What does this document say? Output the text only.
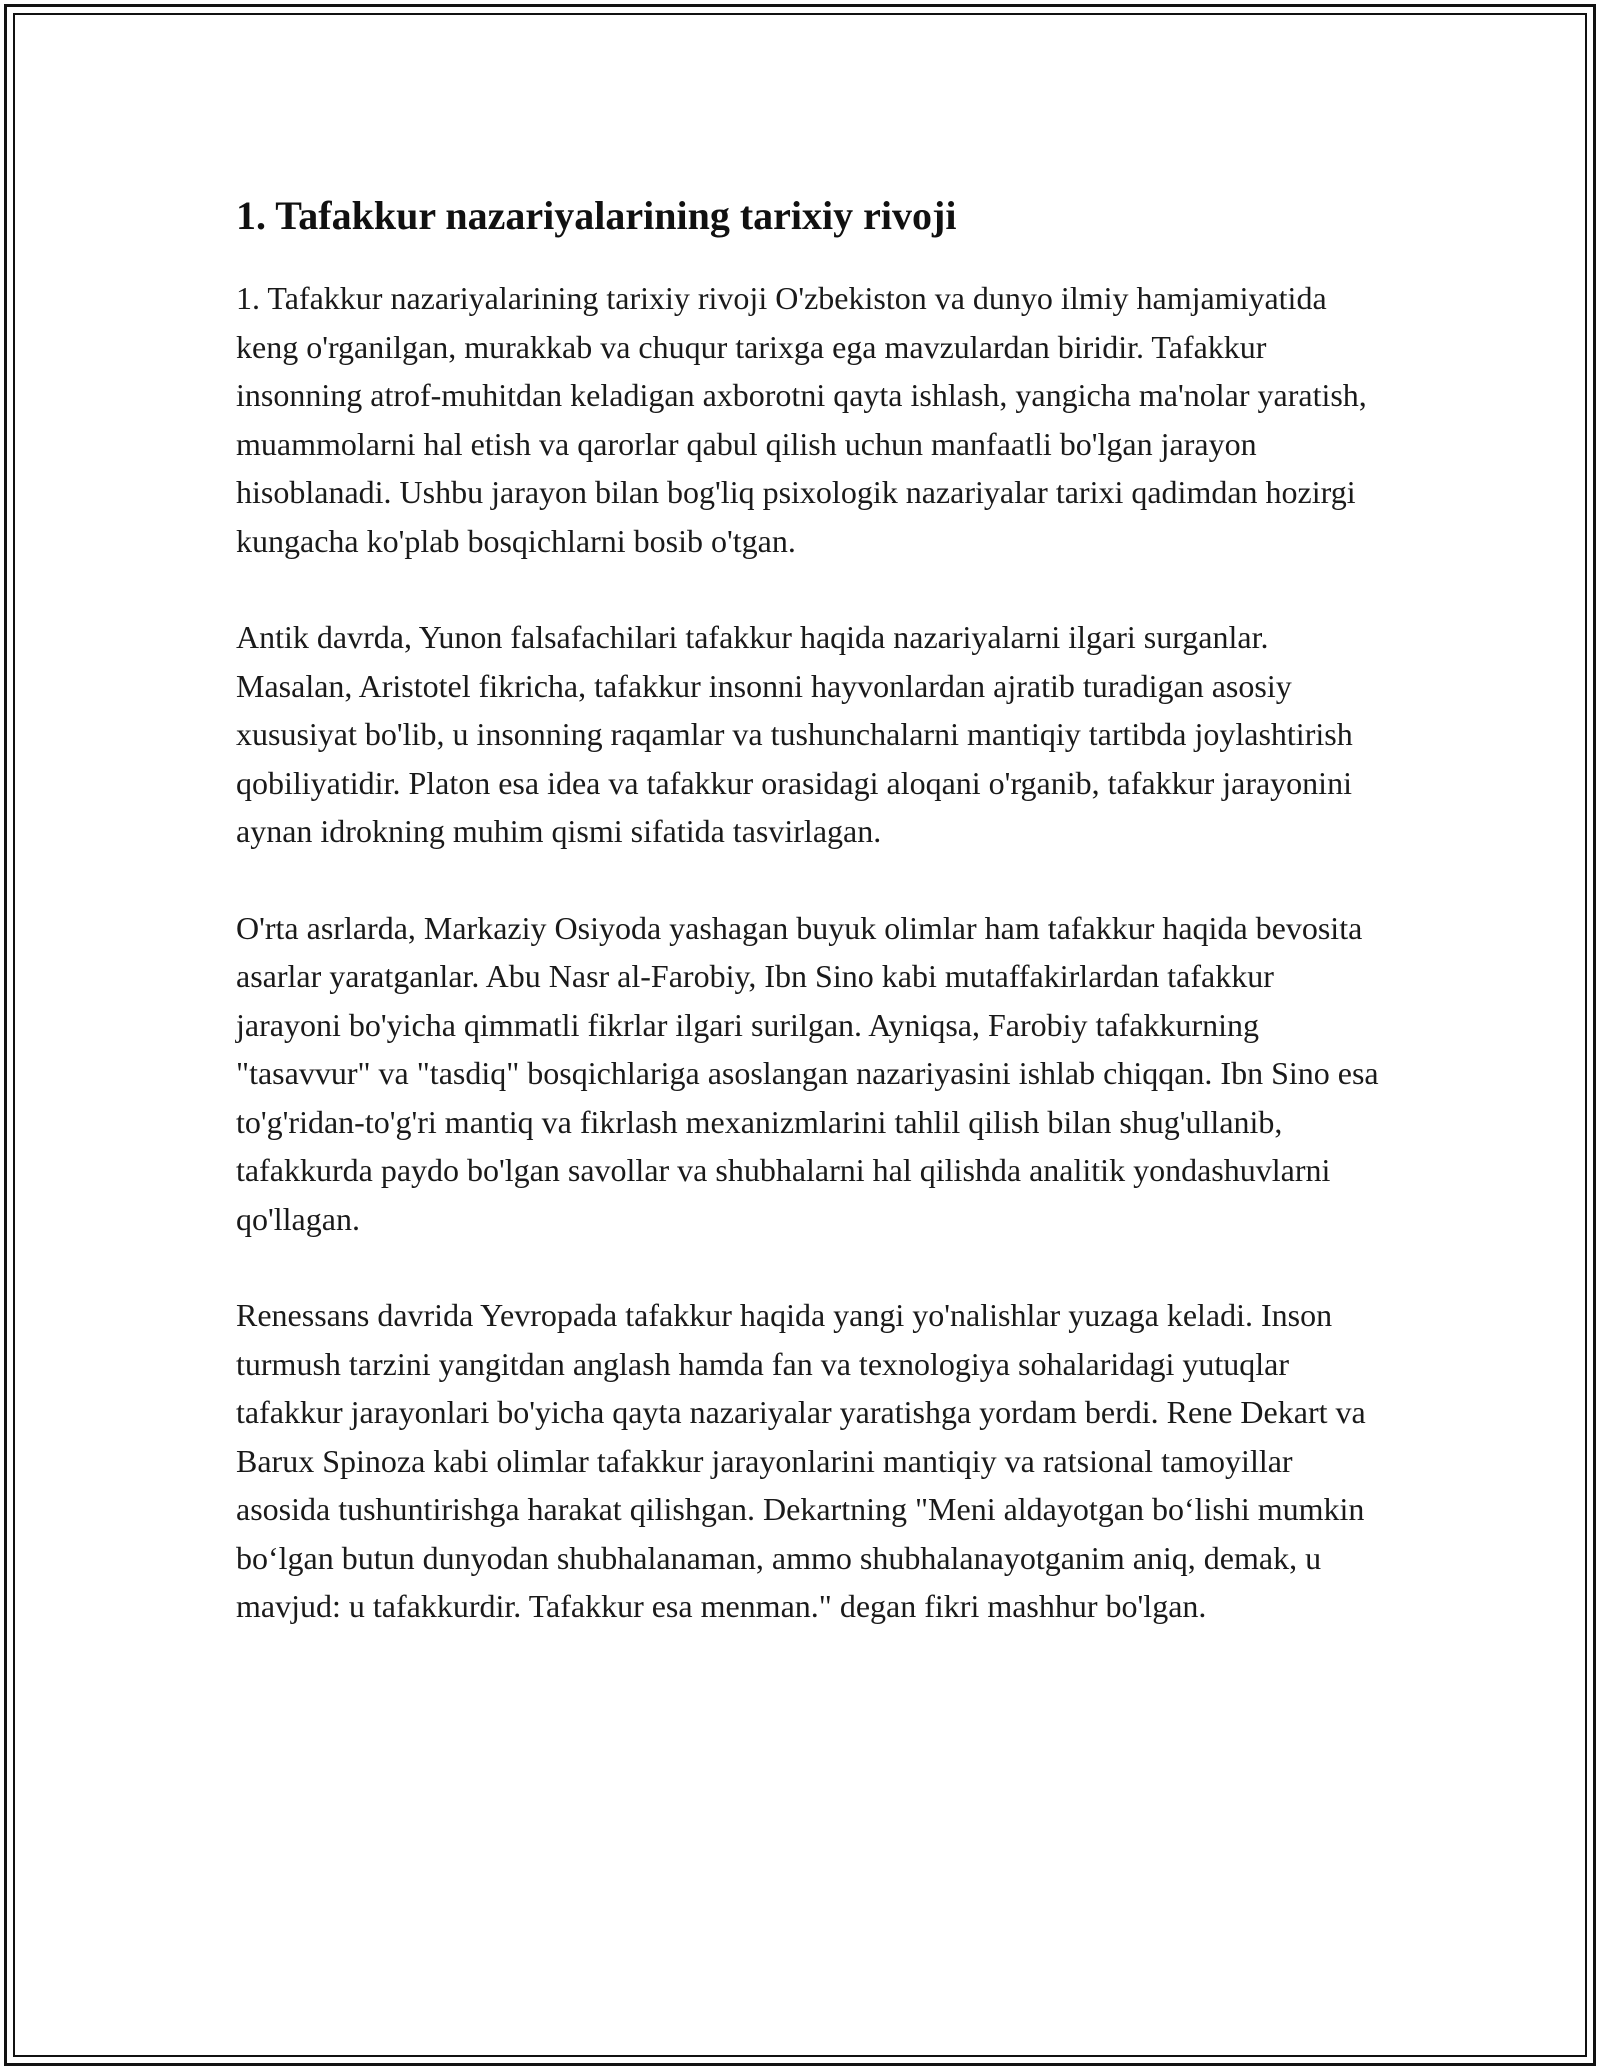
1. Tafakkur nazariyalarining tarixiy rivoji

1. Tafakkur nazariyalarining tarixiy rivoji O'zbekiston va dunyo ilmiy hamjamiyatida keng o'rganilgan, murakkab va chuqur tarixga ega mavzulardan biridir. Tafakkur insonning atrof-muhitdan keladigan axborotni qayta ishlash, yangicha ma'nolar yaratish, muammolarni hal etish va qarorlar qabul qilish uchun manfaatli bo'lgan jarayon hisoblanadi. Ushbu jarayon bilan bog'liq psixologik nazariyalar tarixi qadimdan hozirgi kungacha ko'plab bosqichlarni bosib o'tgan.

Antik davrda, Yunon falsafachilari tafakkur haqida nazariyalarni ilgari surganlar. Masalan, Aristotel fikricha, tafakkur insonni hayvonlardan ajratib turadigan asosiy xususiyat bo'lib, u insonning raqamlar va tushunchalarni mantiqiy tartibda joylashtirish qobiliyatidir. Platon esa idea va tafakkur orasidagi aloqani o'rganib, tafakkur jarayonini aynan idrokning muhim qismi sifatida tasvirlagan.

O'rta asrlarda, Markaziy Osiyoda yashagan buyuk olimlar ham tafakkur haqida bevosita asarlar yaratganlar. Abu Nasr al-Farobiy, Ibn Sino kabi mutaffakirlardan tafakkur jarayoni bo'yicha qimmatli fikrlar ilgari surilgan. Ayniqsa, Farobiy tafakkurning "tasavvur" va "tasdiq" bosqichlariga asoslangan nazariyasini ishlab chiqqan. Ibn Sino esa to'g'ridan-to'g'ri mantiq va fikrlash mexanizmlarini tahlil qilish bilan shug'ullanib, tafakkurda paydo bo'lgan savollar va shubhalarni hal qilishda analitik yondashuvlarni qo'llagan.

Renessans davrida Yevropada tafakkur haqida yangi yo'nalishlar yuzaga keladi. Inson turmush tarzini yangitdan anglash hamda fan va texnologiya sohalaridagi yutuqlar tafakkur jarayonlari bo'yicha qayta nazariyalar yaratishga yordam berdi. Rene Dekart va Barux Spinoza kabi olimlar tafakkur jarayonlarini mantiqiy va ratsional tamoyillar asosida tushuntirishga harakat qilishgan. Dekartning "Meni aldayotgan bo‘lishi mumkin bo‘lgan butun dunyodan shubhalanaman, ammo shubhalanayotganim aniq, demak, u mavjud: u tafakkurdir. Tafakkur esa menman." degan fikri mashhur bo'lgan.
